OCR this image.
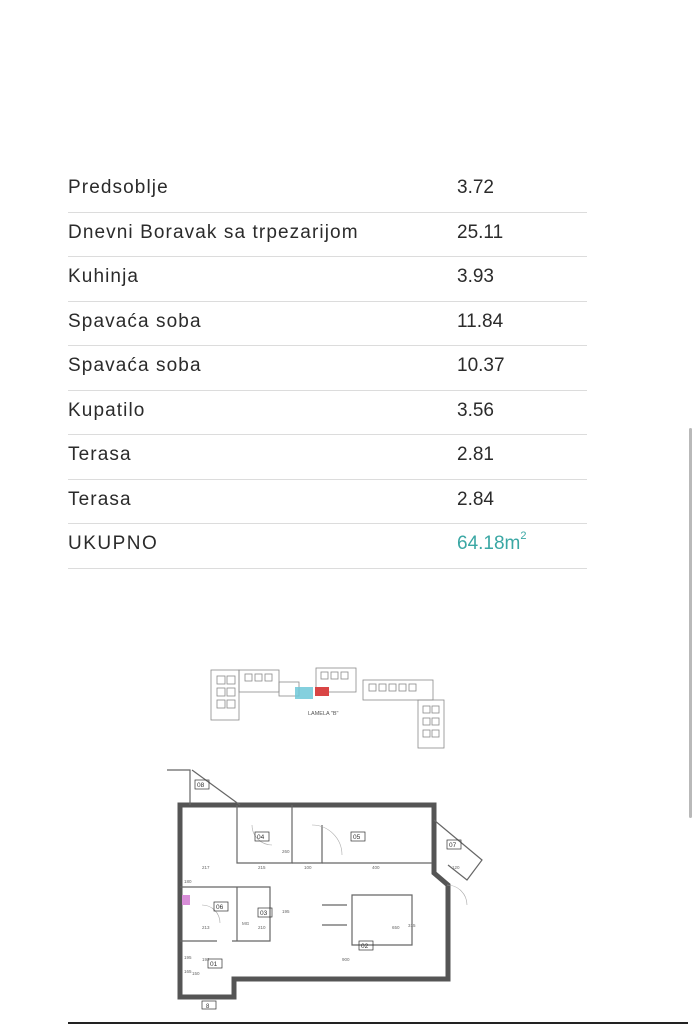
Predsoblje	3.72
Dnevni Boravak sa trpezarijom	25.11
Kuhinja	3.93
Spavaća soba	11.84
Spavaća soba	10.37
Kupatilo	3.56
Terasa	2.81
Terasa	2.84
UKUPNO	$64.18m^2$
LAMELA "B"
08
04	05
07
06
03
02
01
217	215	100	400
260
120
213	210
195
900
650 315
150
192
180
195
165
MG
8
